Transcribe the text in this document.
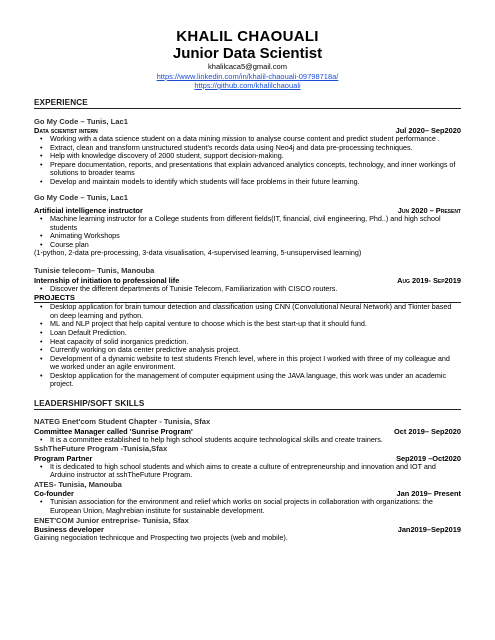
KHALIL CHAOUALI
Junior Data Scientist
khalilcaca5@gmail.com
https://www.linkedin.com/in/khalil-chaouali-09798718a/
https://github.com/khalilchaouali
EXPERIENCE
Go My Code – Tunis, Lac1
Data scientist intern	Jul 2020– Sep2020
• Working with a data science student on a data mining mission to analyse course content and predict student performance .
• Extract, clean and transform unstructured student’s records data using Neo4j and data pre-processing techniques.
• Help with knowledge discovery of 2000 student, support decision-making.
• Prepare documentation, reports, and presentations that explain advanced analytics concepts, technology, and inner workings of solutions to broader teams
• Develop and maintain models to identify which students will face problems in their future learning.
Go My Code – Tunis, Lac1
Artificial intelligence instructor	Jun 2020 – Present
• Machine learning instructor for a College students from different fields(IT, financial, civil engineering, Phd..) and high school students
• Animating Workshops
• Course plan
(1-python, 2-data pre-processing, 3-data visualisation, 4-supervised learning, 5-unsuperviised learning)
Tunisie telecom– Tunis, Manouba
Internship of initiation to professional life	Aug 2019- Sep2019
• Discover the different departments of Tunisie Telecom, Familiarization with CISCO routers.
PROJECTS
• Desktop application for brain tumour detection and classification using CNN (Convolutional Neural Network) and Tkinter based on deep learning and python.
• ML and NLP project that help capital venture to choose which is the best start-up that it should fund.
• Loan Default Prediction.
• Heat capacity of solid inorganics prediction.
• Currently working on data center predictive analysis project.
• Development of a dynamic website to test students French level, where in this project I worked with three of my colleague and we worked under an agile environment.
• Desktop application for the management of computer equipment using the JAVA language, this work was under an academic project.
LEADERSHIP/SOFT SKILLS
NATEG Enet'com Student Chapter - Tunisia, Sfax
Committee Manager called 'Sunrise Program'	Oct 2019– Sep2020
• It is a committee established to help high school students acquire technological skills and create trainers.
SshTheFuture Program -Tunisia,Sfax
Program Partner	Sep2019 –Oct2020
• It is dedicated to high school students and which aims to create a culture of entrepreneurship and innovation and IOT and Arduino instructor at sshTheFuture Program.
ATES- Tunisia, Manouba
Co-founder	Jan 2019– Present
• Tunisian association for the environment and relief which works on social projects in collaboration with organizations: the European Union, Maghrebian institute for sustainable development.
ENET'COM Junior entreprise- Tunisia, Sfax
Business developer	Jan2019–Sep2019
Gaining negociation technicque and Prospecting two projects (web and mobile).
